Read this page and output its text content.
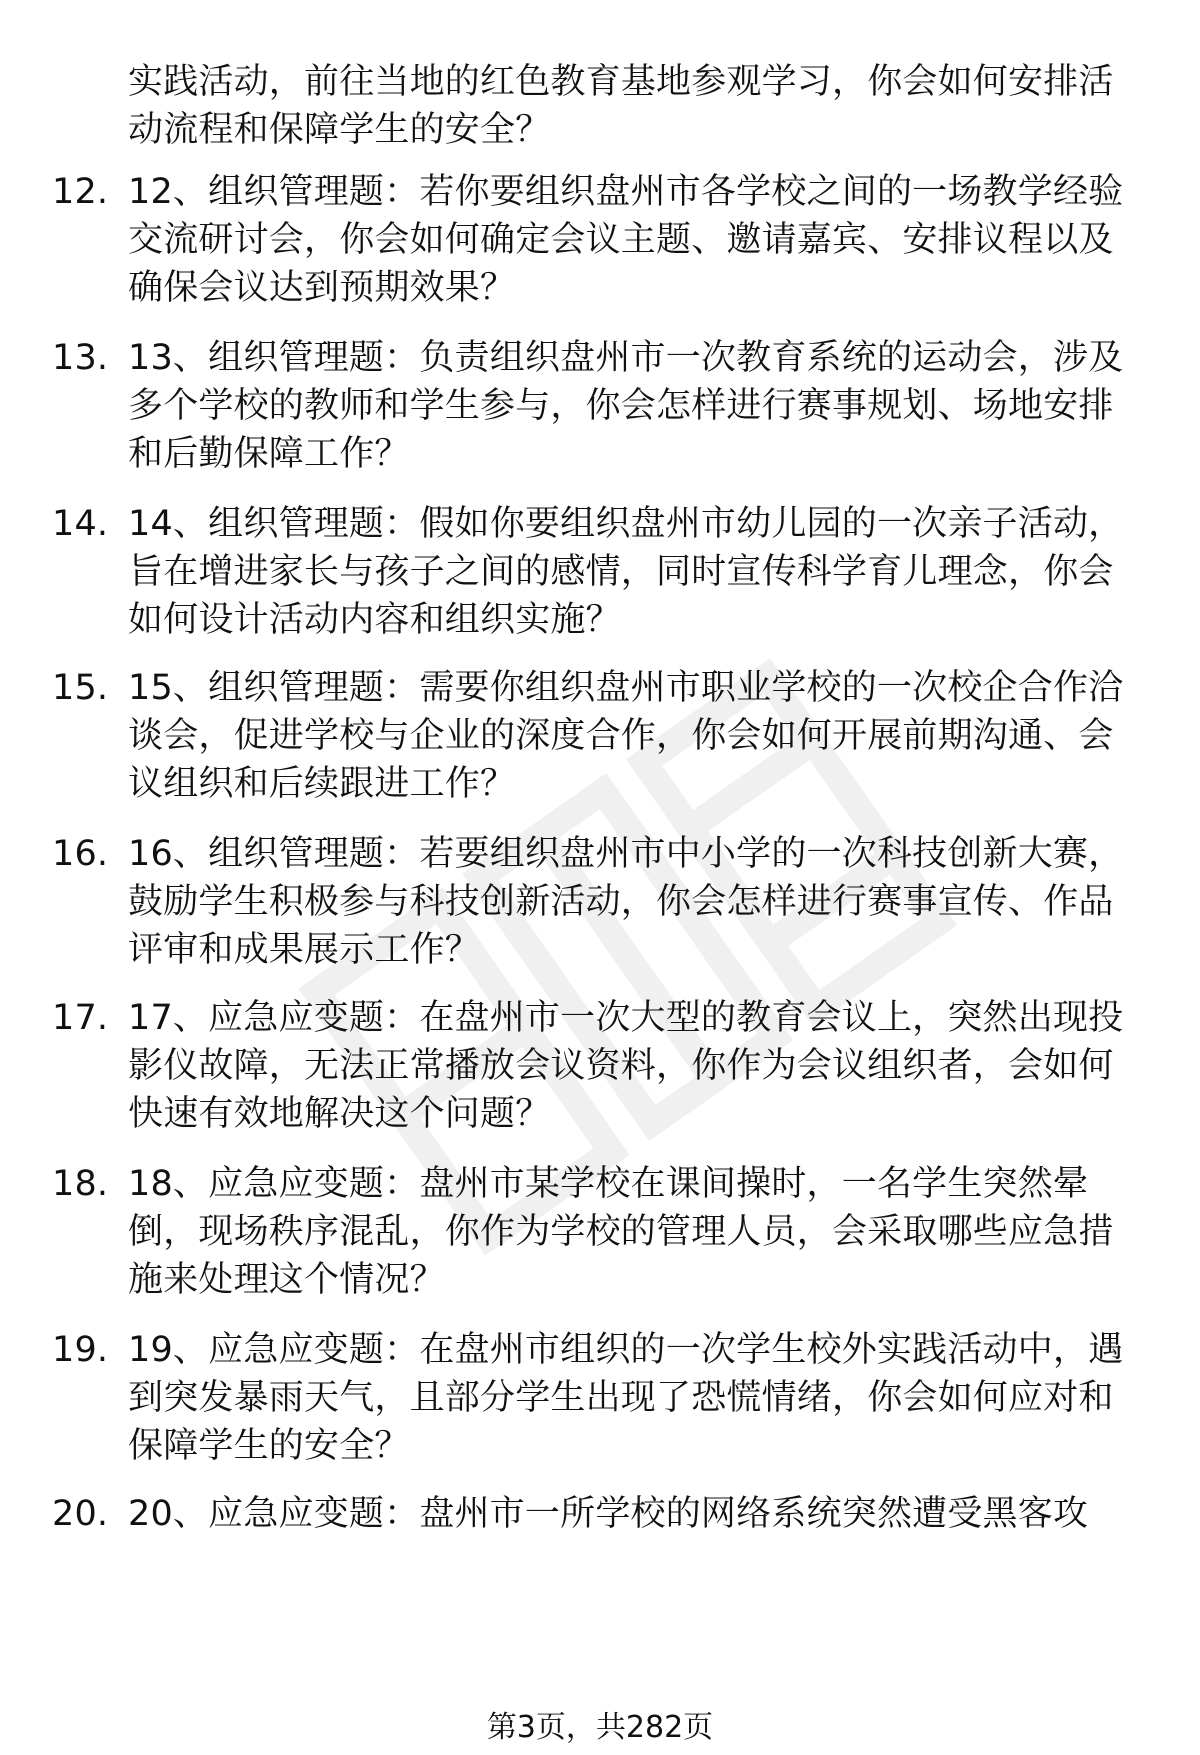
实践活动，前往当地的红色教育基地参观学习，你会如何安排活
动流程和保障学生的安全？
12. 12、组织管理题：若你要组织盘州市各学校之间的一场教学经验
交流研讨会，你会如何确定会议主题、邀请嘉宾、安排议程以及
确保会议达到预期效果？
13. 13、组织管理题：负责组织盘州市一次教育系统的运动会，涉及
多个学校的教师和学生参与，你会怎样进行赛事规划、场地安排
和后勤保障工作？
14. 14、组织管理题：假如你要组织盘州市幼儿园的一次亲子活动，
旨在增进家长与孩子之间的感情，同时宣传科学育儿理念，你会
如何设计活动内容和组织实施？
15. 15、组织管理题：需要你组织盘州市职业学校的一次校企合作洽
谈会，促进学校与企业的深度合作，你会如何开展前期沟通、会
议组织和后续跟进工作？
16. 16、组织管理题：若要组织盘州市中小学的一次科技创新大赛，
鼓励学生积极参与科技创新活动，你会怎样进行赛事宣传、作品
评审和成果展示工作？
17. 17、应急应变题：在盘州市一次大型的教育会议上，突然出现投
影仪故障，无法正常播放会议资料，你作为会议组织者，会如何
快速有效地解决这个问题？
18. 18、应急应变题：盘州市某学校在课间操时，一名学生突然晕
倒，现场秩序混乱，你作为学校的管理人员，会采取哪些应急措
施来处理这个情况？
19. 19、应急应变题：在盘州市组织的一次学生校外实践活动中，遇
到突发暴雨天气，且部分学生出现了恐慌情绪，你会如何应对和
保障学生的安全？
20. 20、应急应变题：盘州市一所学校的网络系统突然遭受黑客攻
第3页，共282页
